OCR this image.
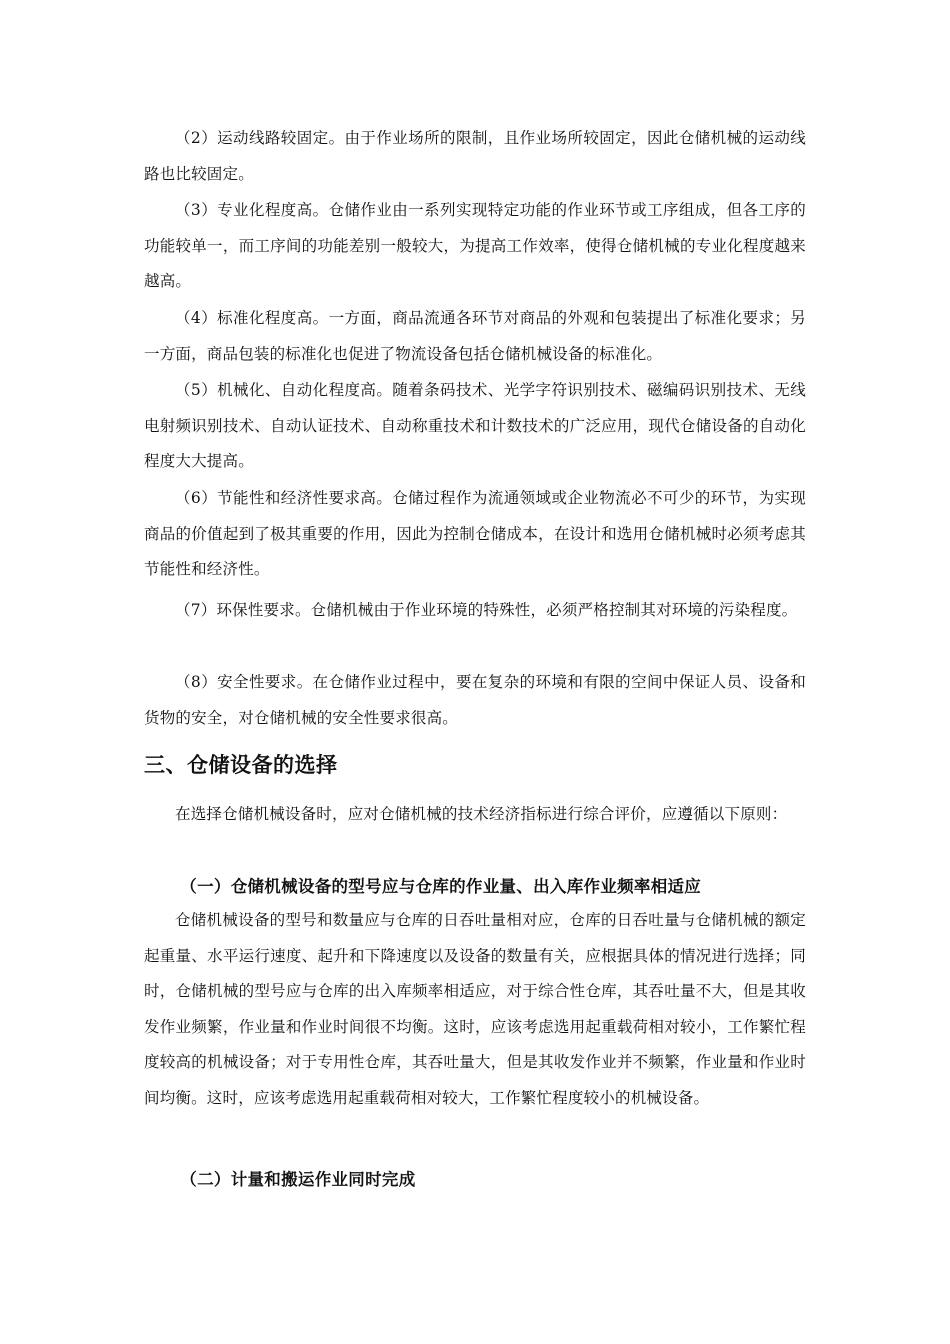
（2）运动线路较固定。由于作业场所的限制，且作业场所较固定，因此仓储机械的运动线路也比较固定。

（3）专业化程度高。仓储作业由一系列实现特定功能的作业环节或工序组成，但各工序的功能较单一，而工序间的功能差别一般较大，为提高工作效率，使得仓储机械的专业化程度越来越高。

（4）标准化程度高。一方面，商品流通各环节对商品的外观和包装提出了标准化要求；另一方面，商品包装的标准化也促进了物流设备包括仓储机械设备的标准化。

（5）机械化、自动化程度高。随着条码技术、光学字符识别技术、磁编码识别技术、无线电射频识别技术、自动认证技术、自动称重技术和计数技术的广泛应用，现代仓储设备的自动化程度大大提高。

（6）节能性和经济性要求高。仓储过程作为流通领域或企业物流必不可少的环节，为实现商品的价值起到了极其重要的作用，因此为控制仓储成本，在设计和选用仓储机械时必须考虑其节能性和经济性。

（7）环保性要求。仓储机械由于作业环境的特殊性，必须严格控制其对环境的污染程度。

（8）安全性要求。在仓储作业过程中，要在复杂的环境和有限的空间中保证人员、设备和货物的安全，对仓储机械的安全性要求很高。

三、仓储设备的选择

在选择仓储机械设备时，应对仓储机械的技术经济指标进行综合评价，应遵循以下原则：

（一）仓储机械设备的型号应与仓库的作业量、出入库作业频率相适应

仓储机械设备的型号和数量应与仓库的日吞吐量相对应，仓库的日吞吐量与仓储机械的额定起重量、水平运行速度、起升和下降速度以及设备的数量有关，应根据具体的情况进行选择；同时，仓储机械的型号应与仓库的出入库频率相适应，对于综合性仓库，其吞吐量不大，但是其收发作业频繁，作业量和作业时间很不均衡。这时，应该考虑选用起重载荷相对较小，工作繁忙程度较高的机械设备；对于专用性仓库，其吞吐量大，但是其收发作业并不频繁，作业量和作业时间均衡。这时，应该考虑选用起重载荷相对较大，工作繁忙程度较小的机械设备。

（二）计量和搬运作业同时完成
